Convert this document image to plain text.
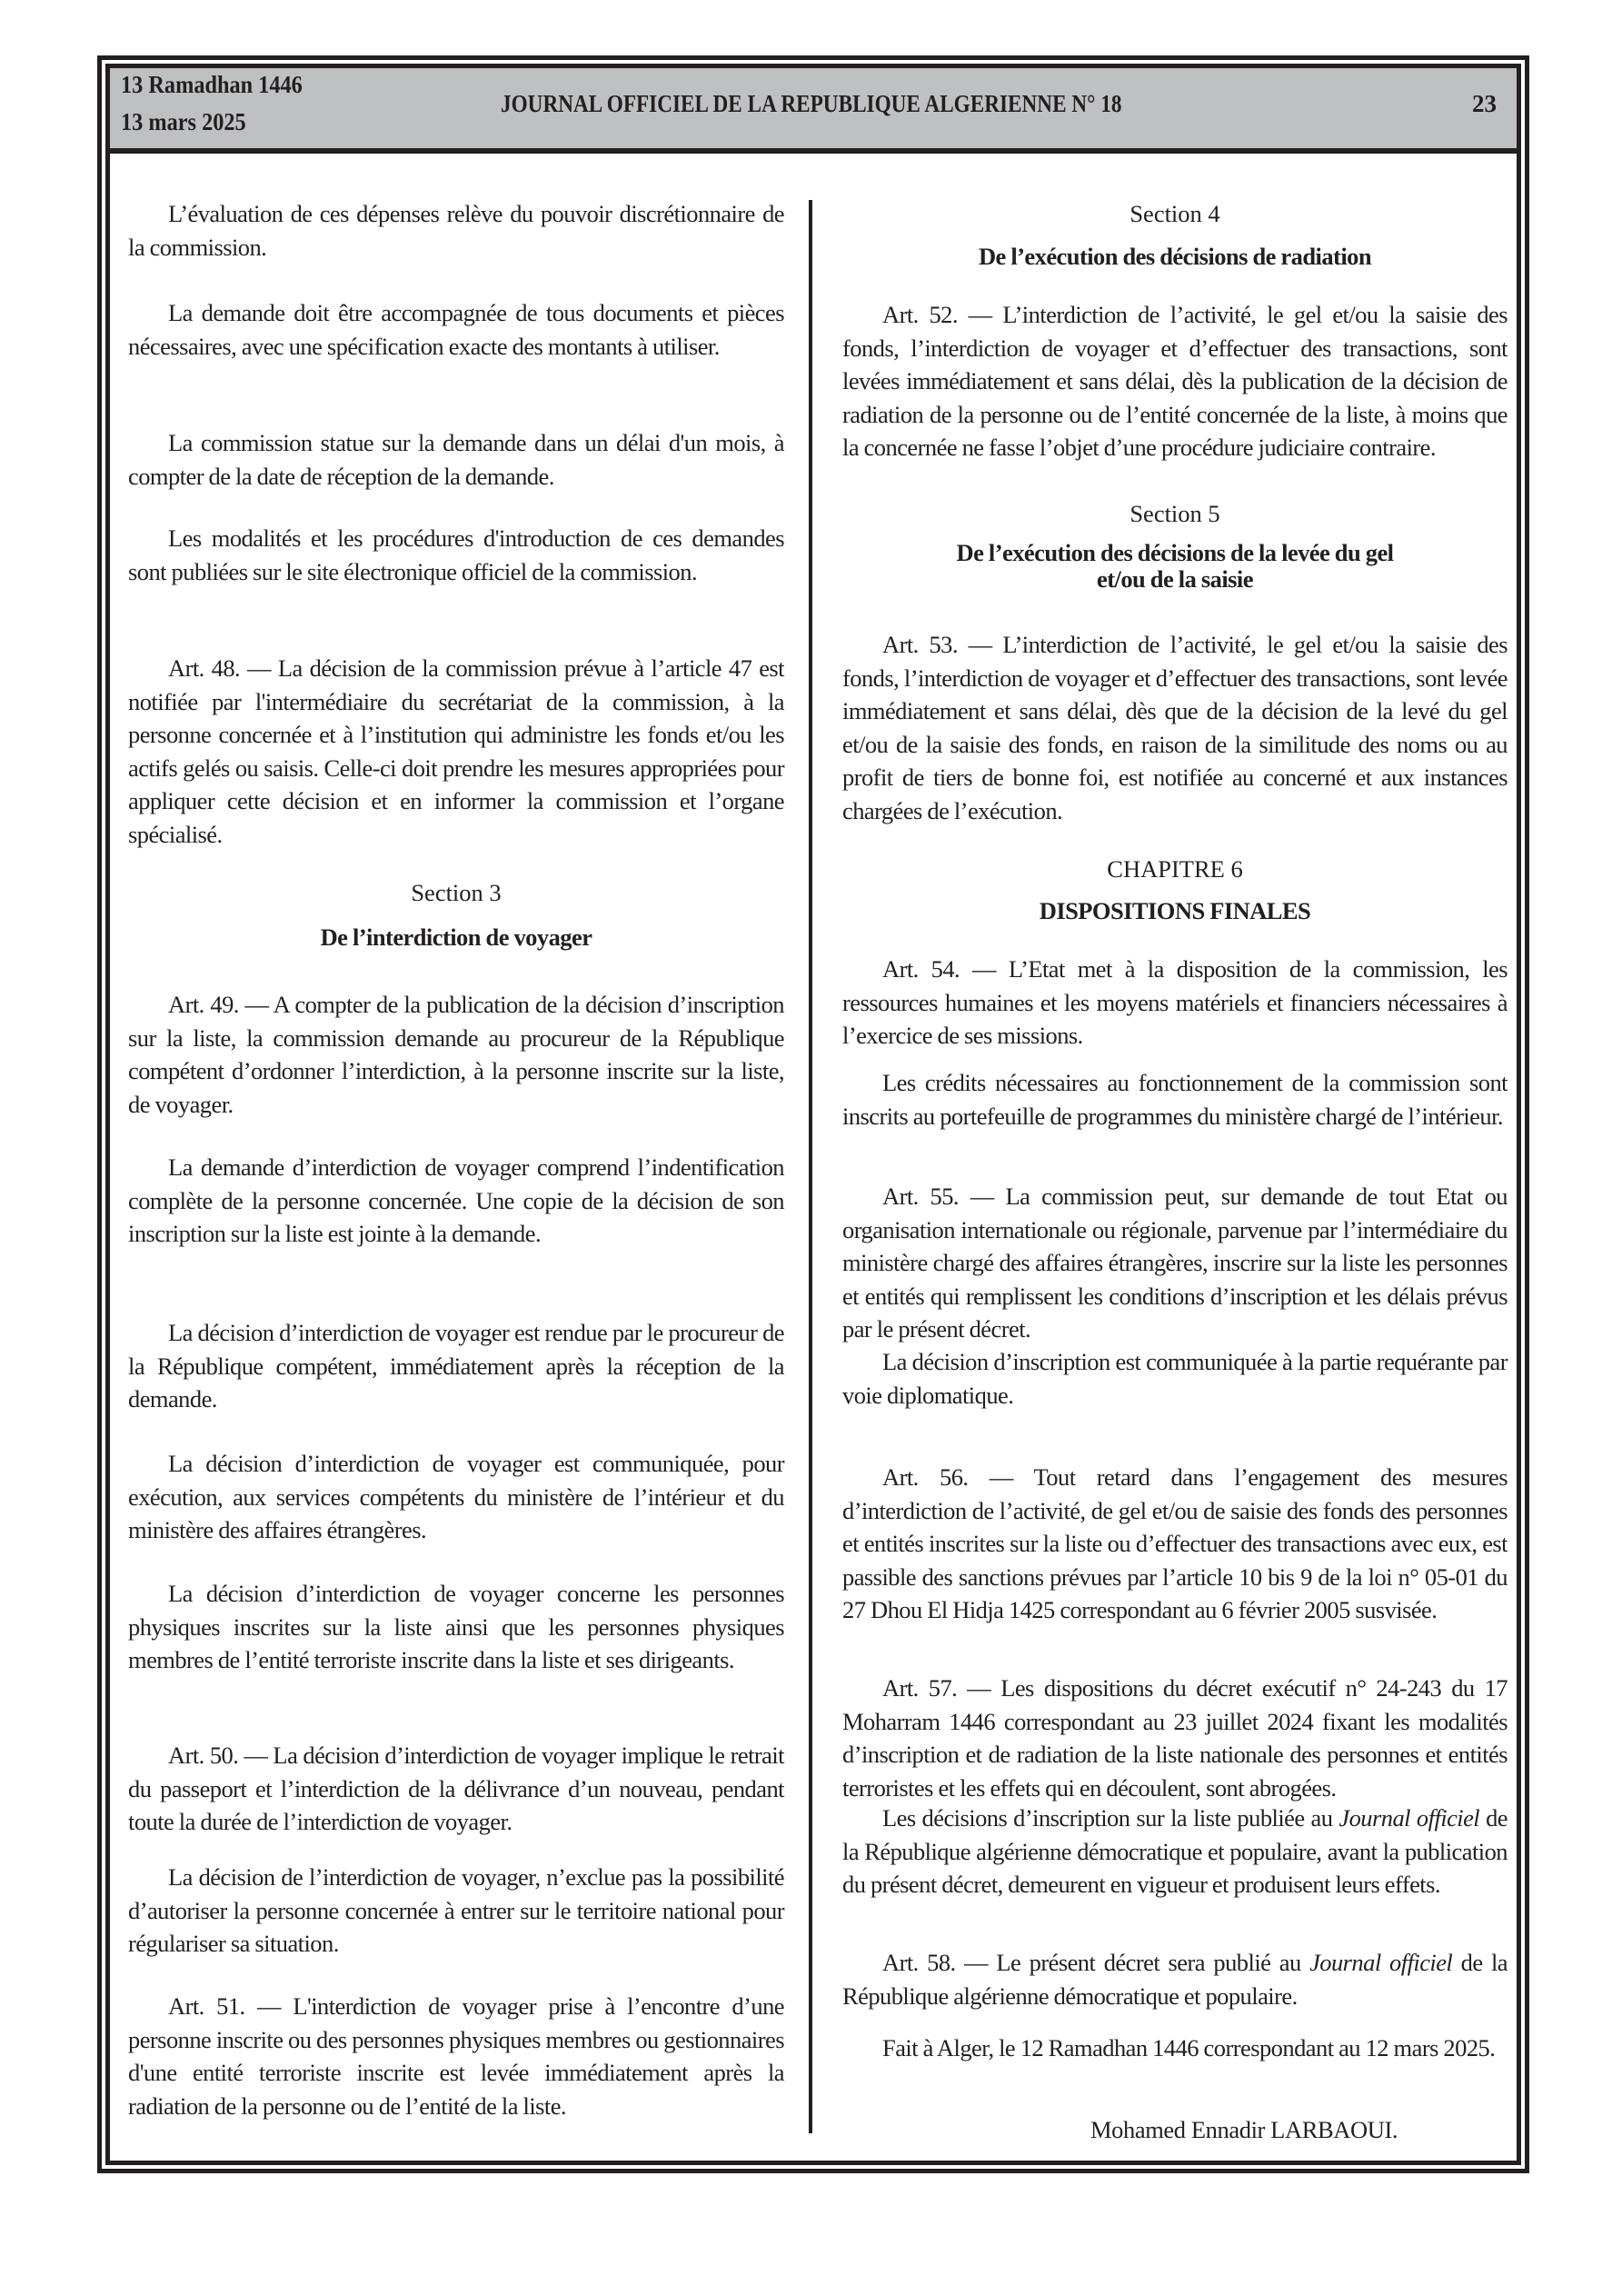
13 Ramadhan 1446
13 mars 2025
JOURNAL OFFICIEL DE LA REPUBLIQUE ALGERIENNE N° 18	23
L’évaluation de ces dépenses relève du pouvoir discrétionnaire de la commission.
La demande doit être accompagnée de tous documents et pièces nécessaires, avec une spécification exacte des montants à utiliser.
La commission statue sur la demande dans un délai d'un mois, à compter de la date de réception de la demande.
Les modalités et les procédures d'introduction de ces demandes sont publiées sur le site électronique officiel de la commission.
Art. 48. — La décision de la commission prévue à l’article 47 est notifiée par l'intermédiaire du secrétariat de la commission, à la personne concernée et à l’institution qui administre les fonds et/ou les actifs gelés ou saisis. Celle-ci doit prendre les mesures appropriées pour appliquer cette décision et en informer la commission et l’organe spécialisé.
Section 3
De l’interdiction de voyager
Art. 49. — A compter de la publication de la décision d’inscription sur la liste, la commission demande au procureur de la République compétent d’ordonner l’interdiction, à la personne inscrite sur la liste, de voyager.
La demande d’interdiction de voyager comprend l’indentification complète de la personne concernée. Une copie de la décision de son inscription sur la liste est jointe à la demande.
La décision d’interdiction de voyager est rendue par le procureur de la République compétent, immédiatement après la réception de la demande.
La décision d’interdiction de voyager est communiquée, pour exécution, aux services compétents du ministère de l’intérieur et du ministère des affaires étrangères.
La décision d’interdiction de voyager concerne les personnes physiques inscrites sur la liste ainsi que les personnes physiques membres de l’entité terroriste inscrite dans la liste et ses dirigeants.
Art. 50. — La décision d’interdiction de voyager implique le retrait du passeport et l’interdiction de la délivrance d’un nouveau, pendant toute la durée de l’interdiction de voyager.
La décision de l’interdiction de voyager, n’exclue pas la possibilité d’autoriser la personne concernée à entrer sur le territoire national pour régulariser sa situation.
Art. 51. — L'interdiction de voyager prise à l’encontre d’une personne inscrite ou des personnes physiques membres ou gestionnaires d'une entité terroriste inscrite est levée immédiatement après la radiation de la personne ou de l’entité de la liste.
Section 4
De l’exécution des décisions de radiation
Art. 52. — L’interdiction de l’activité, le gel et/ou la saisie des fonds, l’interdiction de voyager et d’effectuer des transactions, sont levées immédiatement et sans délai, dès la publication de la décision de radiation de la personne ou de l’entité concernée de la liste, à moins que la concernée ne fasse l’objet d’une procédure judiciaire contraire.
Section 5
De l’exécution des décisions de la levée du gel
et/ou de la saisie
Art. 53. — L’interdiction de l’activité, le gel et/ou la saisie des fonds, l’interdiction de voyager et d’effectuer des transactions, sont levée immédiatement et sans délai, dès que de la décision de la levé du gel et/ou de la saisie des fonds, en raison de la similitude des noms ou au profit de tiers de bonne foi, est notifiée au concerné et aux instances chargées de l’exécution.
CHAPITRE 6
DISPOSITIONS FINALES
Art. 54. — L’Etat met à la disposition de la commission, les ressources humaines et les moyens matériels et financiers nécessaires à l’exercice de ses missions.
Les crédits nécessaires au fonctionnement de la commission sont inscrits au portefeuille de programmes du ministère chargé de l’intérieur.
Art. 55. — La commission peut, sur demande de tout Etat ou organisation internationale ou régionale, parvenue par l’intermédiaire du ministère chargé des affaires étrangères, inscrire sur la liste les personnes et entités qui remplissent les conditions d’inscription et les délais prévus par le présent décret.
La décision d’inscription est communiquée à la partie requérante par voie diplomatique.
Art. 56. — Tout retard dans l’engagement des mesures d’interdiction de l’activité, de gel et/ou de saisie des fonds des personnes et entités inscrites sur la liste ou d’effectuer des transactions avec eux, est passible des sanctions prévues par l’article 10 bis 9 de la loi n° 05-01 du 27 Dhou El Hidja 1425 correspondant au 6 février 2005 susvisée.
Art. 57. — Les dispositions du décret exécutif n° 24-243 du 17 Moharram 1446 correspondant au 23 juillet 2024 fixant les modalités d’inscription et de radiation de la liste nationale des personnes et entités terroristes et les effets qui en découlent, sont abrogées.
Les décisions d’inscription sur la liste publiée au Journal officiel de la République algérienne démocratique et populaire, avant la publication du présent décret, demeurent en vigueur et produisent leurs effets.
Art. 58. — Le présent décret sera publié au Journal officiel de la République algérienne démocratique et populaire.
Fait à Alger, le 12 Ramadhan 1446 correspondant au 12 mars 2025.
Mohamed Ennadir LARBAOUI.
